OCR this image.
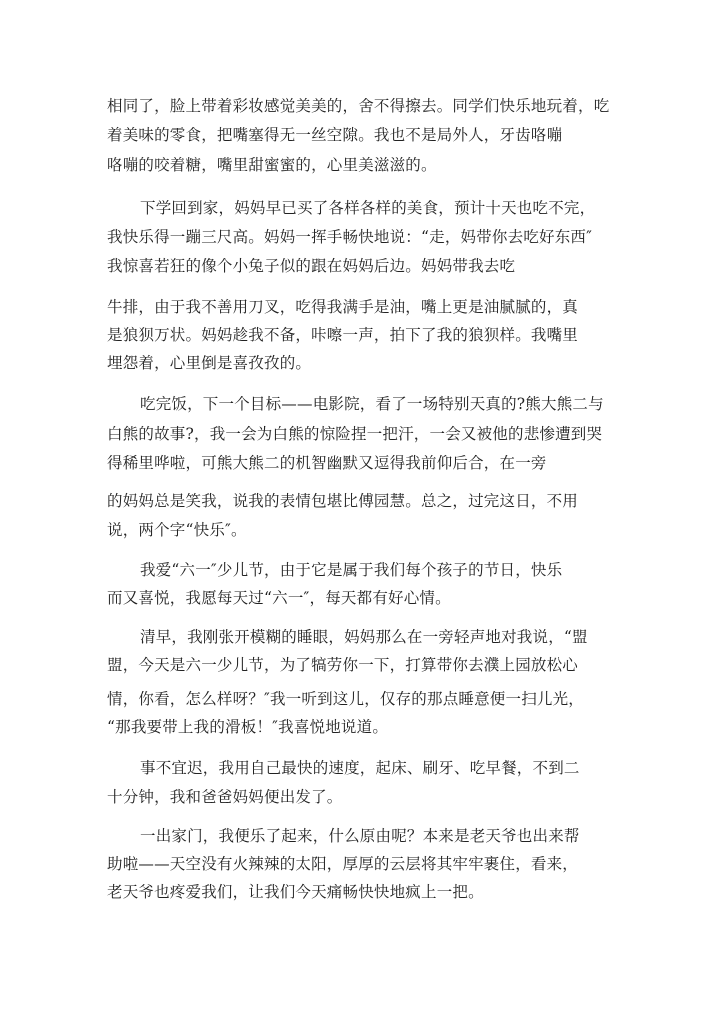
相同了，脸上带着彩妆感觉美美的，舍不得擦去。同学们快乐地玩着，吃
着美味的零食，把嘴塞得无一丝空隙。我也不是局外人，牙齿咯嘣
咯嘣的咬着糖，嘴里甜蜜蜜的，心里美滋滋的。
下学回到家，妈妈早已买了各样各样的美食，预计十天也吃不完，
我快乐得一蹦三尺高。妈妈一挥手畅快地说：“走，妈带你去吃好东西″
我惊喜若狂的像个小兔子似的跟在妈妈后边。妈妈带我去吃
牛排，由于我不善用刀叉，吃得我满手是油，嘴上更是油腻腻的，真
是狼狈万状。妈妈趁我不备，咔嚓一声，拍下了我的狼狈样。我嘴里
埋怨着，心里倒是喜孜孜的。
吃完饭，下一个目标——电影院，看了一场特别天真的?熊大熊二与
白熊的故事?，我一会为白熊的惊险捏一把汗，一会又被他的悲惨遭到哭
得稀里哗啦，可熊大熊二的机智幽默又逗得我前仰后合，在一旁
的妈妈总是笑我，说我的表情包堪比傅园慧。总之，过完这日，不用
说，两个字“快乐″。
我爱“六一″少儿节，由于它是属于我们每个孩子的节日，快乐
而又喜悦，我愿每天过“六一″，每天都有好心情。
清早，我刚张开模糊的睡眼，妈妈那么在一旁轻声地对我说，“盟
盟，今天是六一少儿节，为了犒劳你一下，打算带你去濮上园放松心
情，你看，怎么样呀？″我一听到这儿，仅存的那点睡意便一扫儿光，
“那我要带上我的滑板！″我喜悦地说道。
事不宜迟，我用自己最快的速度，起床、刷牙、吃早餐，不到二
十分钟，我和爸爸妈妈便出发了。
一出家门，我便乐了起来，什么原由呢？本来是老天爷也出来帮
助啦——天空没有火辣辣的太阳，厚厚的云层将其牢牢裹住，看来，
老天爷也疼爱我们，让我们今天痛畅快快地疯上一把。
